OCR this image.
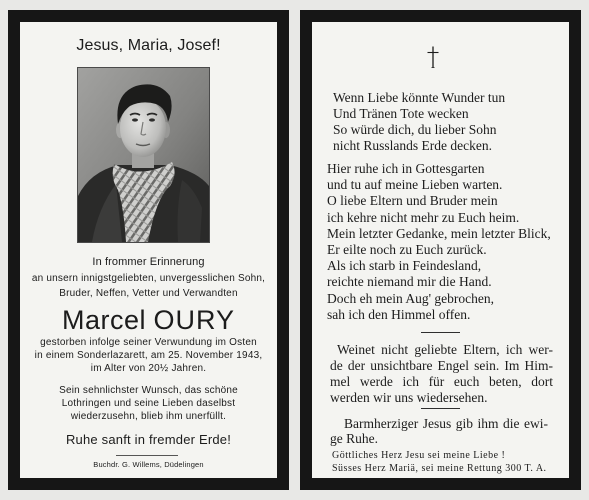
Jesus, Maria, Josef!
In frommer Erinnerung
an unsern innigstgeliebten, unvergesslichen Sohn,
Bruder, Neffen, Vetter und Verwandten
Marcel OURY
gestorben infolge seiner Verwundung im Osten
in einem Sonderlazarett, am 25. November 1943,
im Alter von 20½ Jahren.
Sein sehnlichster Wunsch, das schöne
Lothringen und seine Lieben daselbst
wiederzusehn, blieb ihm unerfüllt.
Ruhe sanft in fremder Erde!
Buchdr. G. Willems, Düdelingen
Wenn Liebe könnte Wunder tun
Und Tränen Tote wecken
So würde dich, du lieber Sohn
nicht Russlands Erde decken.
Hier ruhe ich in Gottesgarten
und tu auf meine Lieben warten.
O liebe Eltern und Bruder mein
ich kehre nicht mehr zu Euch heim.
Mein letzter Gedanke, mein letzter Blick,
Er eilte noch zu Euch zurück.
Als ich starb in Feindesland,
reichte niemand mir die Hand.
Doch eh mein Aug' gebrochen,
sah ich den Himmel offen.
Weinet nicht geliebte Eltern, ich wer-
de der unsichtbare Engel sein. Im Him-
mel werde ich für euch beten, dort
werden wir uns wiedersehen.
Barmherziger Jesus gib ihm die ewi-
ge Ruhe.
Göttliches Herz Jesu sei meine Liebe !
Süsses Herz Mariä, sei meine Rettung 300 T. A.
